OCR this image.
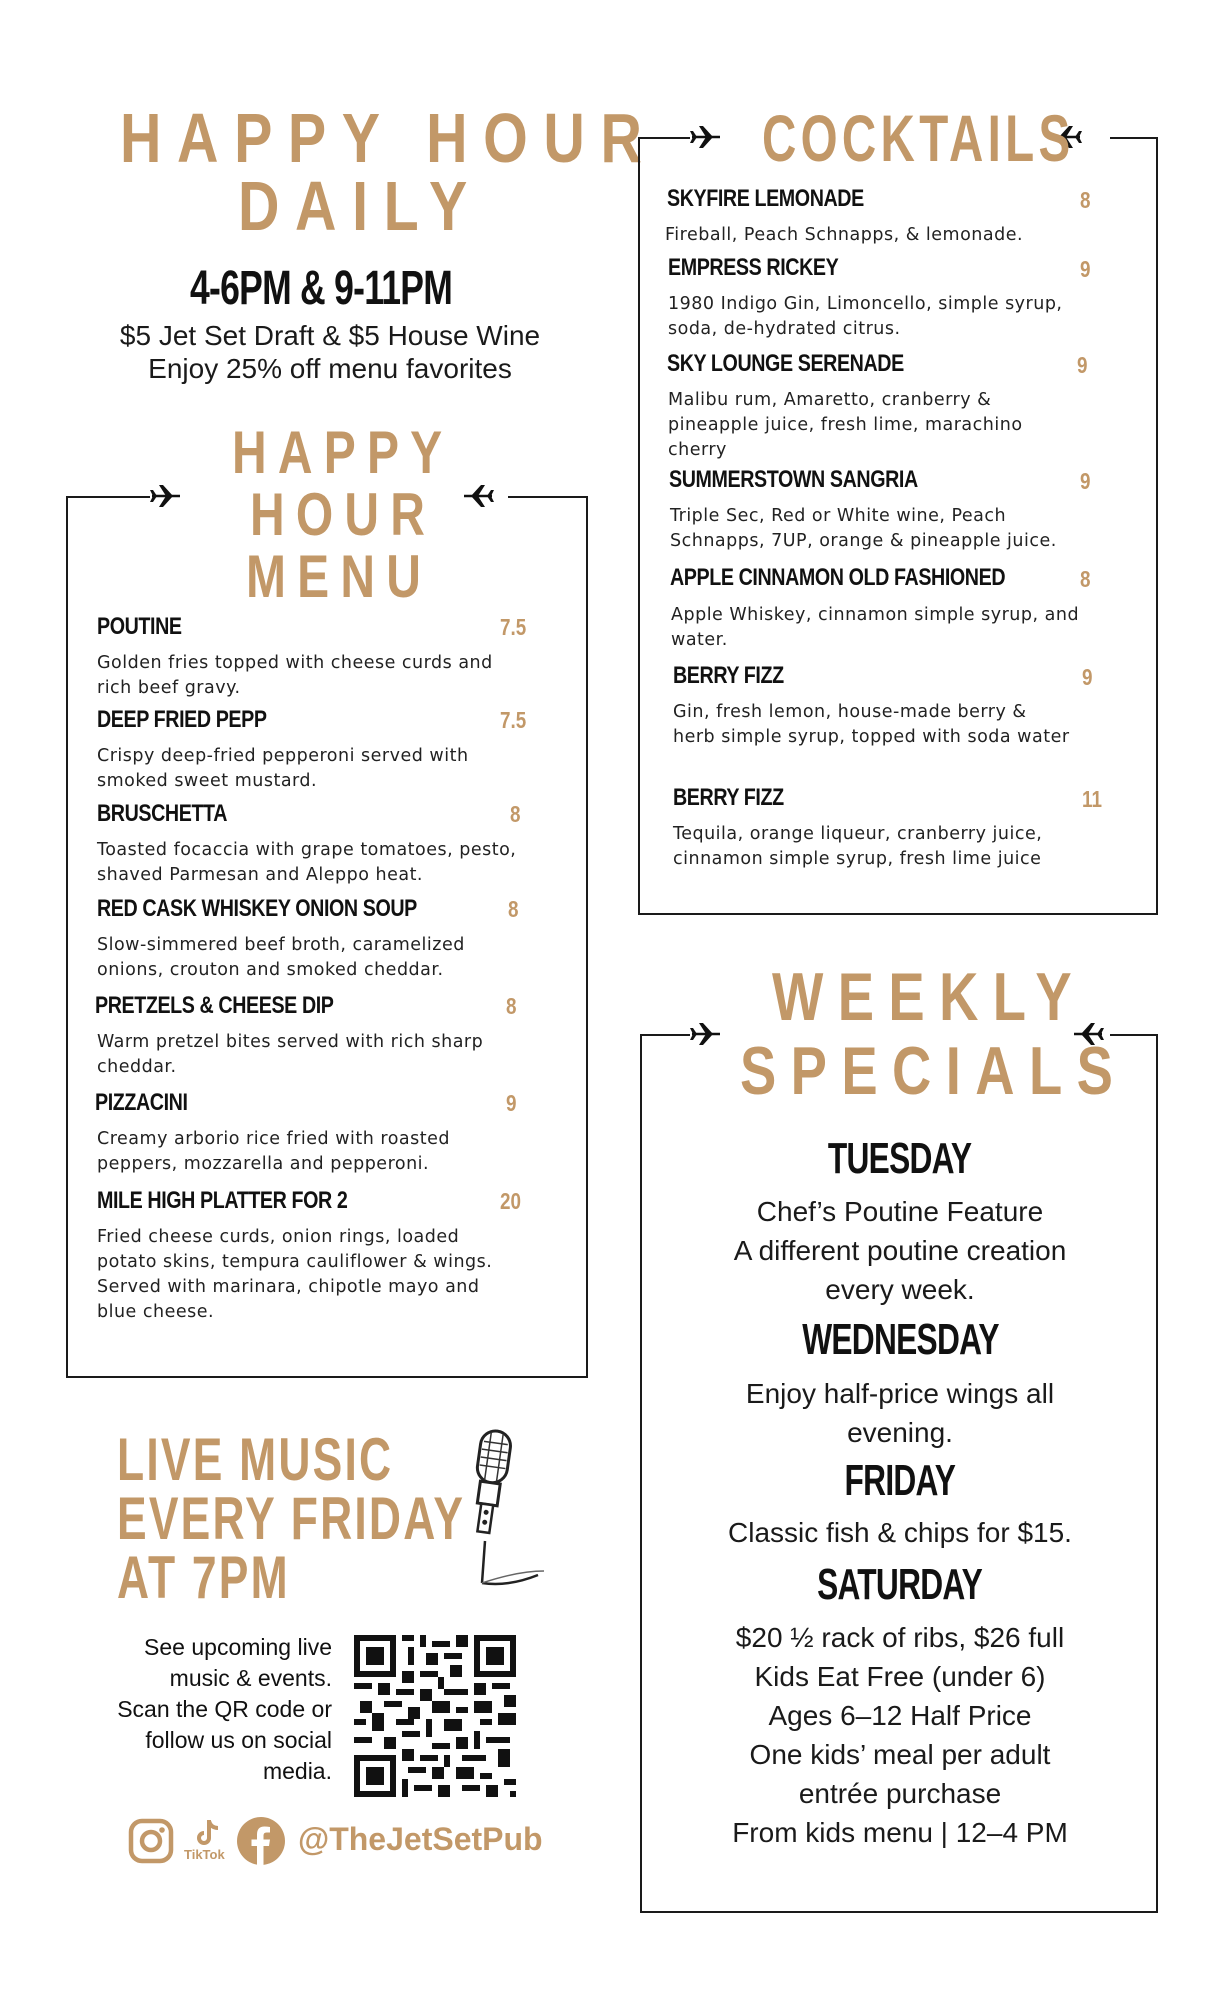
HAPPY HOUR
DAILY
4-6PM & 9-11PM
$5 Jet Set Draft & $5 House Wine
Enjoy 25% off menu favorites
HAPPY
HOUR
MENU
POUTINE	7.5
Golden fries topped with cheese curds and rich beef gravy.
DEEP FRIED PEPP	7.5
Crispy deep-fried pepperoni served with smoked sweet mustard.
BRUSCHETTA	8
Toasted focaccia with grape tomatoes, pesto, shaved Parmesan and Aleppo heat.
RED CASK WHISKEY ONION SOUP	8
Slow-simmered beef broth, caramelized onions, crouton and smoked cheddar.
PRETZELS & CHEESE DIP	8
Warm pretzel bites served with rich sharp cheddar.
PIZZACINI	9
Creamy arborio rice fried with roasted peppers, mozzarella and pepperoni.
MILE HIGH PLATTER FOR 2	20
Fried cheese curds, onion rings, loaded potato skins, tempura cauliflower & wings. Served with marinara, chipotle mayo and blue cheese.
COCKTAILS
SKYFIRE LEMONADE	8
Fireball, Peach Schnapps, & lemonade.
EMPRESS RICKEY	9
1980 Indigo Gin, Limoncello, simple syrup, soda, de-hydrated citrus.
SKY LOUNGE SERENADE	9
Malibu rum, Amaretto, cranberry & pineapple juice, fresh lime, marachino cherry
SUMMERSTOWN SANGRIA	9
Triple Sec, Red or White wine, Peach Schnapps, 7UP, orange & pineapple juice.
APPLE CINNAMON OLD FASHIONED	8
Apple Whiskey, cinnamon simple syrup, and water.
BERRY FIZZ	9
Gin, fresh lemon, house-made berry & herb simple syrup, topped with soda water
BERRY FIZZ	11
Tequila, orange liqueur, cranberry juice, cinnamon simple syrup, fresh lime juice
WEEKLY
SPECIALS
TUESDAY
Chef’s Poutine Feature
A different poutine creation
every week.
WEDNESDAY
Enjoy half-price wings all
evening.
FRIDAY
Classic fish & chips for $15.
SATURDAY
$20 ½ rack of ribs, $26 full
Kids Eat Free (under 6)
Ages 6–12 Half Price
One kids’ meal per adult
entrée purchase
From kids menu | 12–4 PM
LIVE MUSIC
EVERY FRIDAY
AT 7PM
See upcoming live
music & events.
Scan the QR code or
follow us on social
media.
TikTok @TheJetSetPub
